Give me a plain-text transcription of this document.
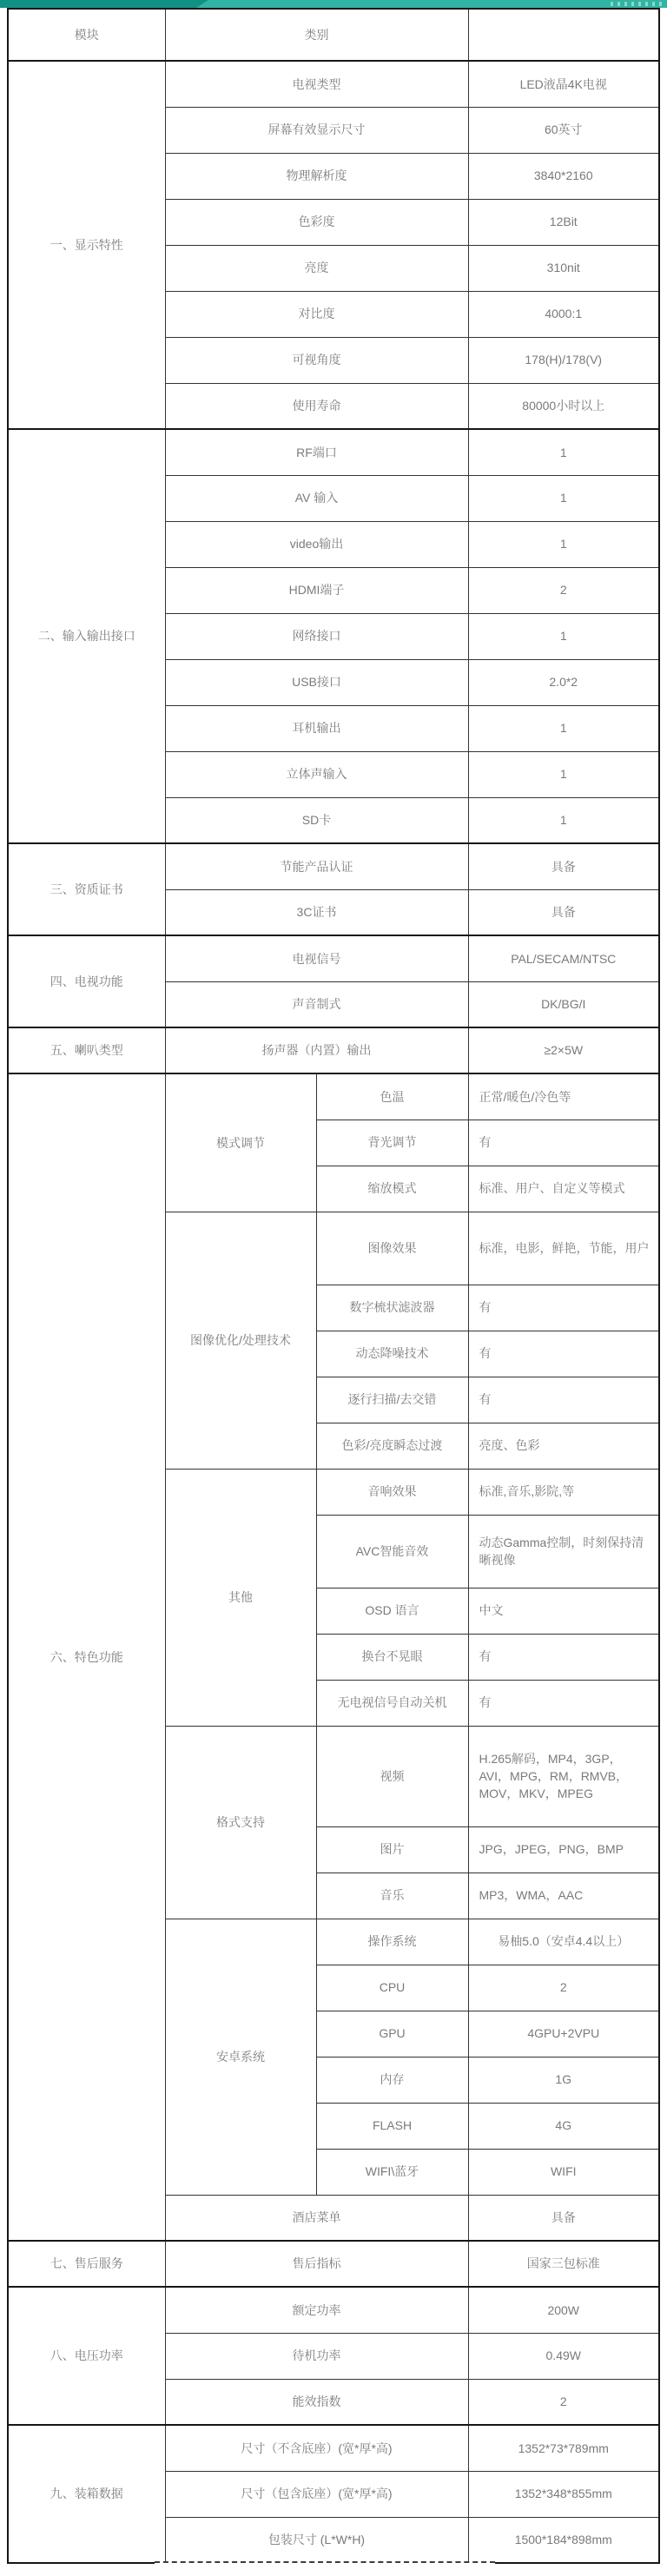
模块	类别		
一、显示特性	电视类型		LED液晶4K电视
	屏幕有效显示尺寸		60英寸
	物理解析度		3840*2160
	色彩度		12Bit
	亮度		310nit
	对比度		4000:1
	可视角度		178(H)/178(V)
	使用寿命		80000小时以上
二、输入输出接口	RF端口		1
	AV 输入		1
	video输出		1
	HDMI端子		2
	网络接口		1
	USB接口		2.0*2
	耳机输出		1
	立体声输入		1
	SD卡		1
三、资质证书	节能产品认证		具备
	3C证书		具备
四、电视功能	电视信号		PAL/SECAM/NTSC
	声音制式		DK/BG/I
五、喇叭类型	扬声器（内置）输出		≥2×5W
六、特色功能	模式调节	色温	正常/暖色/冷色等
		背光调节	有
		缩放模式	标准、用户、自定义等模式
	图像优化/处理技术	图像效果	标准，电影，鲜艳，节能，用户
		数字梳状滤波器	有
		动态降噪技术	有
		逐行扫描/去交错	有
		色彩/亮度瞬态过渡	亮度、色彩
	其他	音响效果	标准,音乐,影院,等
		AVC智能音效	动态Gamma控制，时刻保持清晰视像
		OSD 语言	中文
		换台不晃眼	有
		无电视信号自动关机	有
	格式支持	视频	H.265解码，MP4，3GP，AVI，MPG，RM，RMVB，MOV，MKV，MPEG
		图片	JPG，JPEG，PNG，BMP
		音乐	MP3，WMA，AAC
	安卓系统	操作系统	易柚5.0（安卓4.4以上）
		CPU	2
		GPU	4GPU+2VPU
		内存	1G
		FLASH	4G
		WIFI\蓝牙	WIFI
	酒店菜单		具备
七、售后服务	售后指标		国家三包标准
八、电压功率	额定功率		200W
	待机功率		0.49W
	能效指数		2
九、装箱数据	尺寸（不含底座）(宽*厚*高)		1352*73*789mm
	尺寸（包含底座）(宽*厚*高)		1352*348*855mm
	包装尺寸 (L*W*H)		1500*184*898mm
